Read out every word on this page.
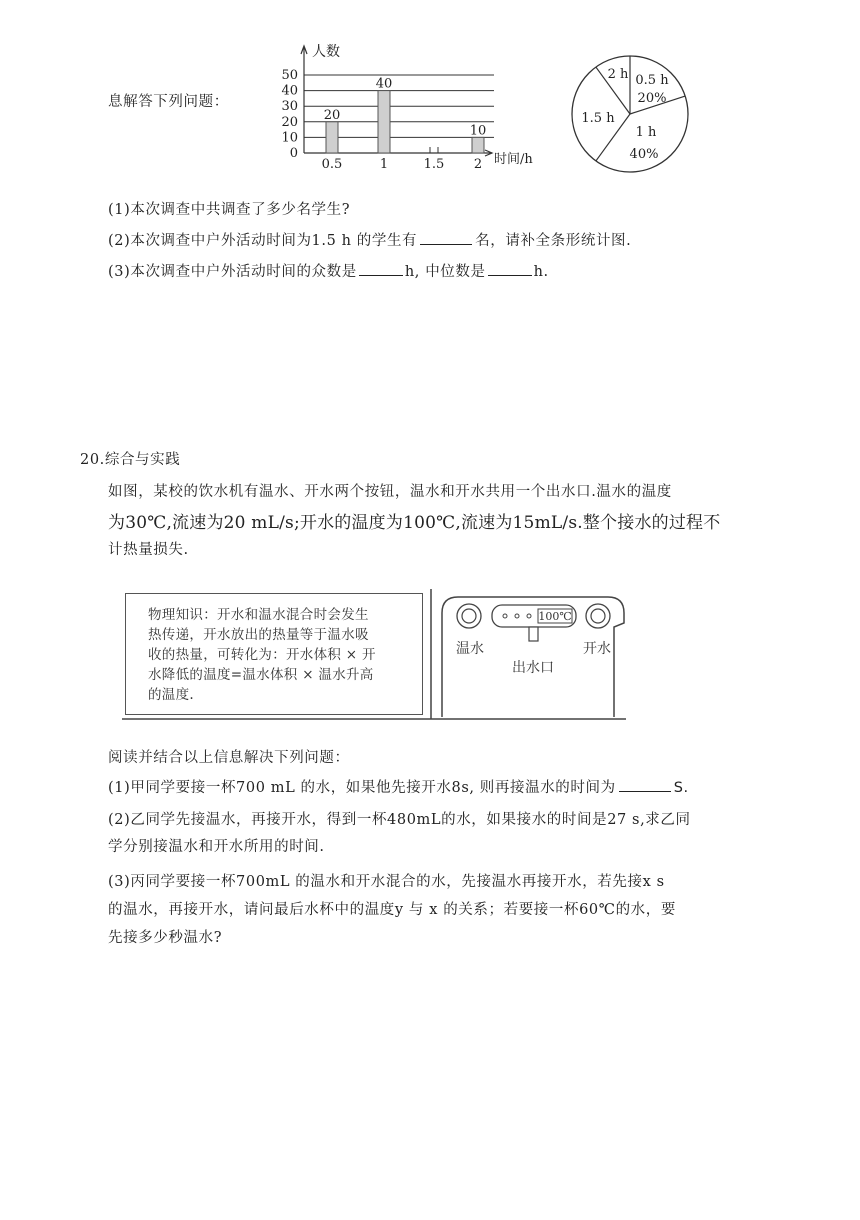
息解答下列问题：
人数
时间/h
0
10
20
30
40
50
0.5
20
1
40
1.5 2
10
0.5 h
20%
1 h
40%
1.5 h
2 h
(1)本次调查中共调查了多少名学生?
(2)本次调查中户外活动时间为1.5 h 的学生有	名，请补全条形统计图.
(3)本次调查中户外活动时间的众数是	h, 中位数是	h.
20.综合与实践
如图，某校的饮水机有温水、开水两个按钮，温水和开水共用一个出水口.温水的温度
为30℃,流速为20 mL/s;开水的温度为100℃,流速为15mL/s.整个接水的过程不
计热量损失.
物理知识：开水和温水混合时会发生
热传递，开水放出的热量等于温水吸
收的热量，可转化为：开水体积 × 开
水降低的温度=温水体积 × 温水升高
的温度.
100℃
温水	开水
出水口
阅读并结合以上信息解决下列问题：
(1)甲同学要接一杯700 mL 的水，如果他先接开水8s, 则再接温水的时间为	S.
(2)乙同学先接温水，再接开水，得到一杯480mL的水，如果接水的时间是27 s,求乙同
学分别接温水和开水所用的时间.
(3)丙同学要接一杯700mL 的温水和开水混合的水，先接温水再接开水，若先接x s
的温水，再接开水，请问最后水杯中的温度y 与 x 的关系；若要接一杯60℃的水，要
先接多少秒温水?
